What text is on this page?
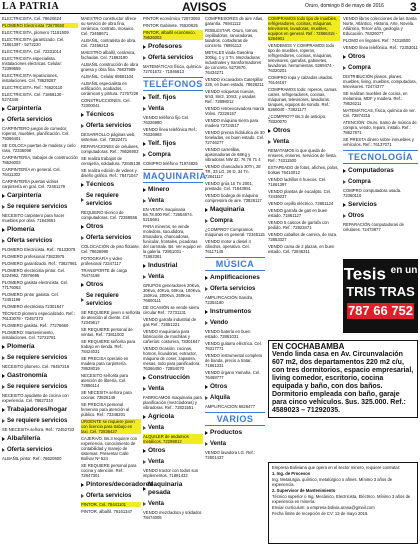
LA PATRIA	AVISOS	Oruro, domingo 8 de mayo de 2016 3
ELECTRICISTA. Cel. 78620624
PLOMERO Electricista 72870650
ELECTRICISTA, plomero 71181509
ELECTRICISTA garantizado. Cel. 71861397 - 5272220
ELECTRICISTA. Cel. 72331014
ELECTRICISTA especialista. Instalaciones eléctricas. Celular: 72399559
ELECTRICISTA reparaciones, instalaciones. Cel. 78629287
ELECTRICISTA. Ref.: 76620110
ELECTRICISTA. Cel. 71866130 - 5274346
Carpintería
Oferta servicios
CARPINTERO juegos de comedor, roperos, muebles, planificación. Cel. 79366401
SE COLOCA puertas de madera y cielo raso. 72336098
CARPINTERÍA, trabajos de construcción 78626003
CARPINTERÍA en general. Cel. 76411302
CARPINTERÍA puertas vidrios carpintería en gral. Cel. 72461178
Carpintería
Se requiere servicios
NECESITO carpintero para hacer muebles por obra. 71843651
Plomería
Oferta servicios
PLOMERO Electricista. Ref.: 76133078
PLOMERO profesional 73823975
PLOMERO garantizado. Ref.: 73827981
PLOMERO electricista pintor. Cel. 5224962, 72876695
PLOMERO gasista electricista. Cel. 77176063
PLOMERO pintor gasista. Cel. 72451198
PLOMERO electricista 72301647
TÉCNICO plomero especializado. Ref.: 76133078 - 72457373
PLOMERO gasista. Ref.: 77276660
PLOMERO: Mantenimiento, instalaciones. Cel. 72722781
Plomería
Se requiere servicios
NECESITO plomero. Cel. 76457216
Gastronomía
Se requiere servicios
NECESITO ayudante de cocina con experiencia. Cel. 78627310
Trabajadores/hogar
Se requiere servicios
SE NECESITA señora. Ref.: 72452733
Albañilería
Oferta servicios
ALBAÑIL pintor. Ref.: 78620600
MAESTRO constructor ofrece su servicio de obra fina, cerámica, contrato, mosaico. Cel. 72458671
ALBAÑIL, contratista de obra. Cel. 72456213
MAESTRO albañil, cerámica, fachadas. Cel. 71863190
ALBAÑIL construcción de obra gruesa y obra fina. 76837989
ALBAÑIL. Celular 69581104
ALBAÑIL especialista en edificación, acabados, cerámicos y pintura. 71757228
CONSTRUCCIONES. Cel. 72300041
Técnicos
Oferta servicios
DESARROLLO páginas web, sistemas. Cel. 73822471
REPARACIONES de celulares, computadoras. Ref.: 78626903
SE realiza trabajos de cerrajería, soldadura. 72845138
SE realiza edición de videos y diseño gráfico. Ref.: 78471047
Técnicos
Se requiere servicios
REQUIERO técnico de computadoras. Cel. 72358556
Otros
Oferta servicios
COLOCACIÓN de piso flotante. Cel. 78626990
FOTOGRAFÍA y video profesional 72347117
TRANSPORTE de carga 76474198
Otros
Se requiere servicios
SE REQUIERE joven o señorita de atención al cliente. Cel. 72349617
SE REQUIERE personal de ventas. Ref.: 73811002
SE REQUIERE señorita para trabajo en tienda. Ref.: 78424031
SE PRECISA operario en madera para carpintería. 78628019
NECESITO señorita para atención de librería. Cel. 72856114
SE NECESITA señora para cocinar. 73826145
SE PRECISA personal femenino para atención al público. Ref.: 73346201
URGENTE se requiere joven con licencia para trabajo en taxi. Cel. 72836427
CAJERA/O. Bs.3 requiere con experiencia, conocimiento de contabilidad y manejo de sistemas. Presentar Calle Bolívar Nº 524
SE REQUIERE personal para cocina y atención. Ref.: 72847301
Pintores/decoradores
Oferta servicios
PINTOR. Cel. 78441101
PINTOR, albañil. 76161347
PINTOR económico 72873093
PINTOR Gabinete. 76520625
PINTOR, albañil económico. 78626003
Profesores
Oferta servicios
MATEMÁTICAS física, química. 72701572 - 71846813
TELÉFONOS
Telf. fijos
Venta
VENDO teléfono fijo Cel. 76326990
VENDO línea telefónica Ref.: 76326993
Telf. fijos
Compra
COMPRO teléfono 71974825
MAQUINARIA
Minero
Venta
EN VENTA maquinaria Bs.78.000 Ref.: 72654874. 5215691
PARA mineros, se vende moledora, sacudidora, trituradora, chancadoras, funicular, frontales, picadoras del carrotale. Bs. Ver equipo en la galería. 72861031 - 71862361
Industrial
Venta
GRUPOS generadores 20Kva, 30Kva, 40Kva, 60Kva, 100Kva, 150Kva, 200Kva, 250Kva. 76800111
DE OCASIÓN se vende sierra circular Ref.: 72731131
VENDO garrafa industrial de gas Ref.: 72651221
VENDO maquinaria para fabricación de mochilas y cañerías: costurera, 78301847
VENDO Ocasión: cocinas, hornos, licuadoras, extractor, máquina de coser, zapatera, mesas, todo para panificadora. 76366450 - 72854070
Construcción
Venta
FABRICAMOS maquinaria para planificación (mezcladoras) y vibradoras. Ref.: 72821551
Agrícola
Venta
ALQUILER de andamios metálicos. 72299812
Otros
Venta
VENDO tractor con todos sus implementos. 71891432
Maquinaria pesada
Venta
VENDO mezcladora y soldador. 78474005
COMPRESORES de aire Atlas, garantía. 76941112
ROBLESTAR. Oruro, tornos, cepilladoras, ranuradoras, taladros, cortadoras de concreto. 76991112
METALES viada Gasolina 300kg, 1 y 3 Tn. Mezcladoras industriales y transformadores de concreto. 5272670, 76434271
VENDO excavadora Caterpillar 225, en buen estado. 78626211
VENDO volquetas nuevas, 6m3, 8m3, 10m3, y usadas Ref.: 72898012
VENDO retroexcavadora marca Volvo. 72226157
VENDO máquina sierra para madera 72724517
VENDO prensa hidráulica de 30 toneladas, en buen estado. Cel. 72746277
VENDO carretillas, apisonadoras de 68Kg y vibradoras NW 32. 76 76 71 4
VENDO chancadora 30Tn, 28 TR, 33 LO, 26 D, 34 Tn. 72841117
VENDO grúa 10 Tn 2001, prestado. Cel. 71843651
VENDO bodega de máquina compresora de aire. 73826117
Maquinaria
Compra
¿COMPRO? Compramos máquinas en general. 72345115
VENDO motor a diesel 4 cilindros, operativo. Cel. 76117145
MÚSICA
Amplificaciones
Oferta servicios
AMPLIFICACIÓN Sandra. 72354180
Instrumentos
Vendo
VENDO batería en buen estado. 72861031
VENDO guitarra eléctrica. Cel. 76317771
VENDO instrumental completo de banda, precio a tratar. 71861331
VENDO órgano Yamaha. Cel. 76468777
Otros
Alquila
AMPLIFICACIÓN 6626477
VARIOS
Productos
Venta
VENDO lavadora LG. Ref.: 72801437
COMPRAMOS todo tipo de muebles, refrigeradores, cocinas, máquinas, televisores, lavadoras, muebles, equipos en general. Ref.: 72866415 - 5264901
VENDEMOS Y COMPRAMOS todo tipo de muebles, roperos, refrigeradores, cocinas, máquinas, televisores, garrafas, gabinetes, lavadoras, herramientas. 5269474 - 76320201
COMPRO ropa y calzados usados. 76146167
COMPRAMOS todo: roperos, camas, catres, refrigeradores, cocinas, máquinas, televisores, lavadoras, tanques, equipos de sonido. Ref.: 5260040 - 73821177
¿COMPRO?? Bs.3 de anticipo. 78320070
Otros
Venta
REMATAMOS lo que queda de enseres, enseres, servicios de fiesta. Ref.: 74311500
ESTAPEADO de fotos, afiches, polos, bolsas 76410012
VENDO ladrillos 6 huecos. Cel. 71861397
VENDO plantas de eucalipto. Cel. 72436037
VENDO cepillo eléctrico. 72861124
VENDO garrafa de gas en buen estado. 71861127
VENDO 5 cascos de garrafa con pedido. Ref.: 72823471
VENDO caballos de carrera, de raza. 72853327
VENDO cama de 2 plazas, en buen estado. Cel. 72846311
VENDO libros colecciones de las Santa Norte, Atlántico, Historia, Arte, Novela. Atlántico, Tercer año, geología y Educación. 76326077
PLOMO en lingotes. Ref.: 74318500
VENDO línea telefónica. Ref.: 72353011
Otros
Compra
DISTRIBUCIÓN planos, planes, muebles, living, muebles, computadora, televisores. 72474377
SE realizan muebles de cocina, en melamina, MDF y madera. Ref.: 78626211
MATEMÁTICAS, física, química de ver. Cel. 72874315
ATENCIÓN: Oruro. Samo de música de compra, vendo, reparo, instalo. Ref.: 78627871
SE PRESTA dinero sobre inmuebles y vehículos. Ref.: 76137071
TECNOLOGÍA
Computadoras
Compra
COMPRO computadora usada. 72360110
Servicios
Otros
REPARACIÓN computadoras de celulares. 72473877
Tesis $^{en un}$
TRIS TRAS
787 66 752
EN COCHABAMBA
Vendo linda casa en Av. Circunvalación 607 m2, dos departamentos 220 m2 c/u, con tres dormitorios, espacio empresarial, living comedor, escritorio, cocina equipada y baño, con dos baños. Dormitorio empleada con baño, garaje para cinco vehículos. $us. 325.000. Ref.: 4589023 – 71292035.

Empresa Boliviana que opera en el sector minero, requiere contratar:

1. Ing. de Procesos

Ing. Metalurgia, químico, metalúrgico o afines. Mínimo 3 años de experiencia.

2. Supervisor de Mantenimiento

Técnico superior o Ing. Mecánico, Electricista, Eléctrico. Mínimo 3 años de experiencia en minería.

Enviar curriculum: a empresa.bolivia.arana@gmail.com

Fecha límite de recepción de CV: 13 de mayo 2016.
